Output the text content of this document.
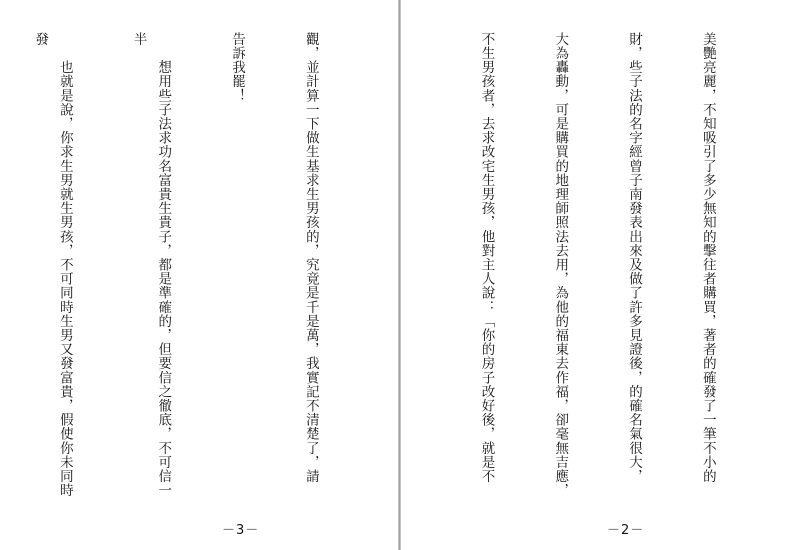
觀，並計算一下做生基求生男孩的，究竟是千是萬，我實記不清楚了，請

告訴我罷！

　　想用些子法求功名富貴生貴子，都是準確的，但要信之徹底，不可信一半

　　也就是說，你求生男就生男孩，不可同時生男又發富貴，假使你未同時發

－3－

美艷亮麗，不知吸引了多少無知的擊往者購買，著者的確發了一筆不小的

財，些子法的名字經曾子南發表出來及做了許多見證後，的確名氣很大，

大為轟動，可是購買的地理師照法去用，為他的福東去作福，卻毫無吉應，

不生男孩者，去求改宅生男孩，他對主人說：「你的房子改好後，就是不

－2－
